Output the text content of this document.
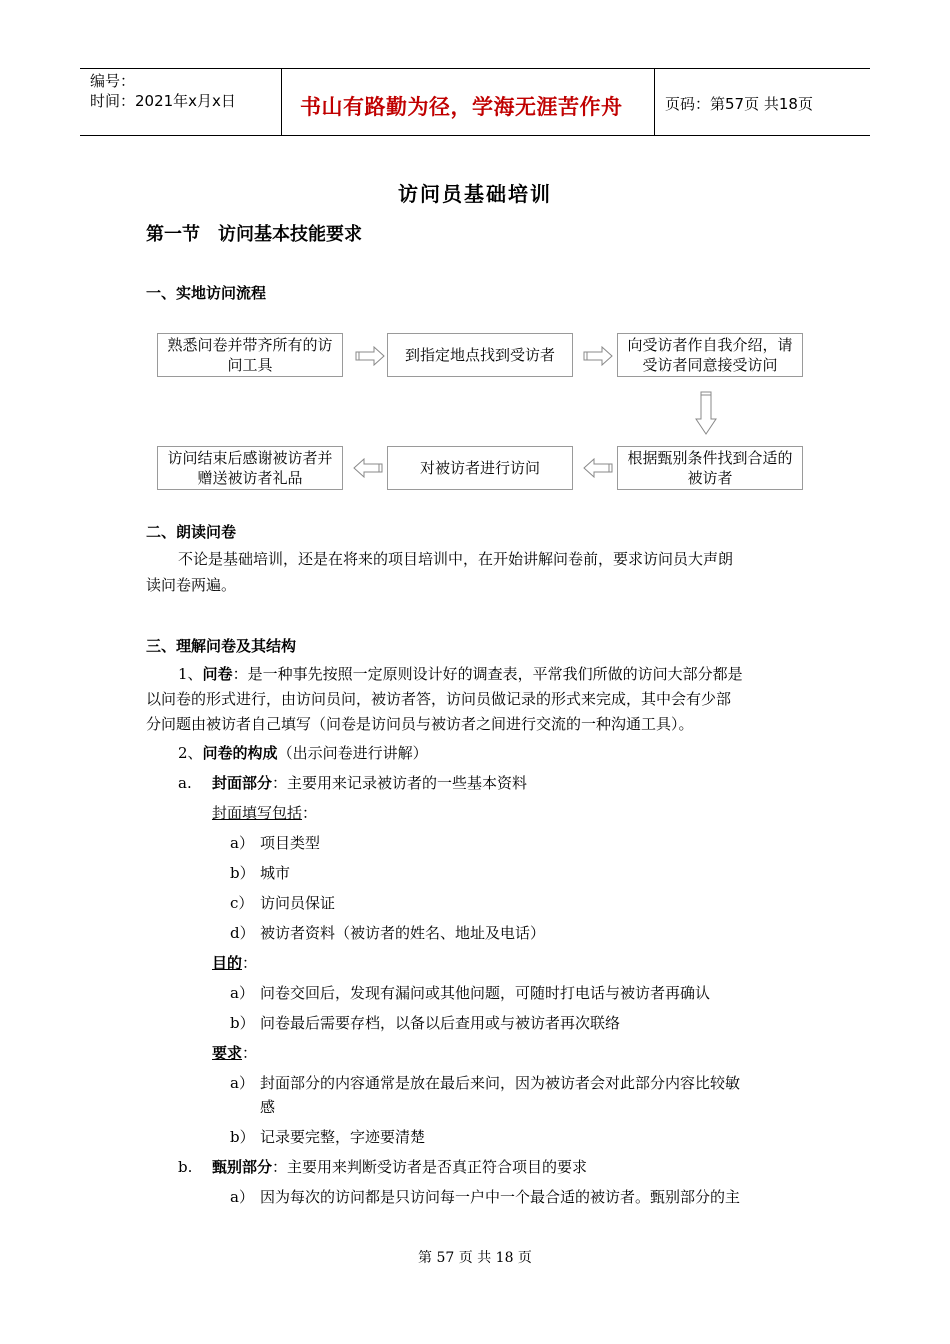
编号：
时间：2021年x月x日	书山有路勤为径，学海无涯苦作舟	页码：第57页 共18页
访问员基础培训
第一节　访问基本技能要求
一、实地访问流程
熟悉问卷并带齐所有的访问工具
到指定地点找到受访者
向受访者作自我介绍，请受访者同意接受访问
根据甄别条件找到合适的被访者
对被访者进行访问
访问结束后感谢被访者并赠送被访者礼品
二、朗读问卷
不论是基础培训，还是在将来的项目培训中，在开始讲解问卷前，要求访问员大声朗
读问卷两遍。
三、理解问卷及其结构
1、问卷：是一种事先按照一定原则设计好的调查表，平常我们所做的访问大部分都是
以问卷的形式进行，由访问员问，被访者答，访问员做记录的形式来完成，其中会有少部
分问题由被访者自己填写（问卷是访问员与被访者之间进行交流的一种沟通工具）。
2、问卷的构成（出示问卷进行讲解）
a. 封面部分：主要用来记录被访者的一些基本资料
封面填写包括：
a） 项目类型
b） 城市
c） 访问员保证
d） 被访者资料（被访者的姓名、地址及电话）
目的：
a） 问卷交回后，发现有漏问或其他问题，可随时打电话与被访者再确认
b） 问卷最后需要存档，以备以后查用或与被访者再次联络
要求：
a） 封面部分的内容通常是放在最后来问，因为被访者会对此部分内容比较敏
感
b） 记录要完整，字迹要清楚
b. 甄别部分：主要用来判断受访者是否真正符合项目的要求
a） 因为每次的访问都是只访问每一户中一个最合适的被访者。甄别部分的主
第 57 页 共 18 页
